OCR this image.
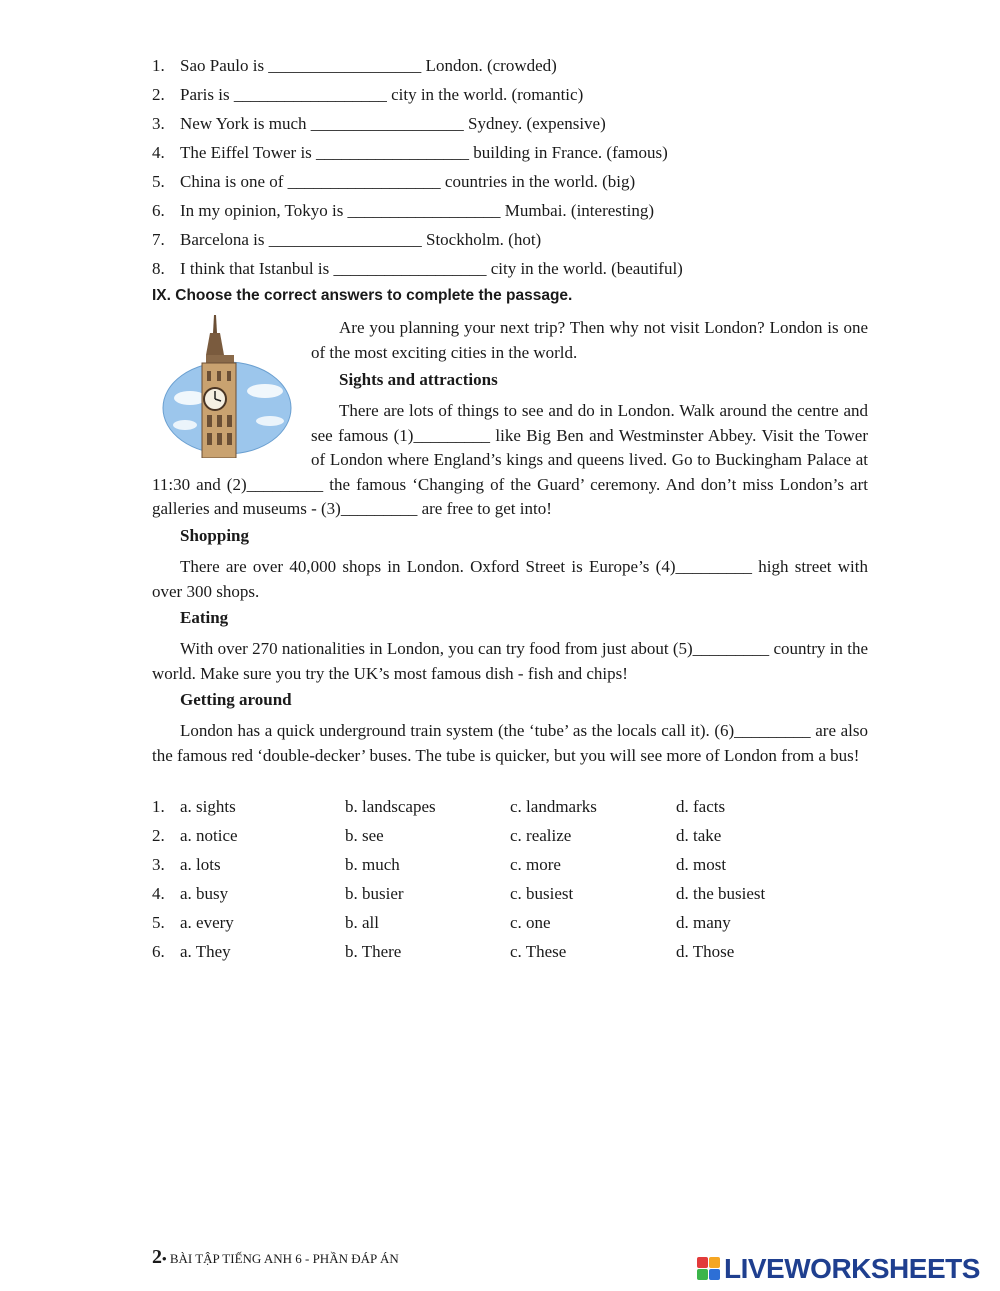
1. Sao Paulo is __________________ London. (crowded)
2. Paris is __________________ city in the world. (romantic)
3. New York is much __________________ Sydney. (expensive)
4. The Eiffel Tower is __________________ building in France. (famous)
5. China is one of __________________ countries in the world. (big)
6. In my opinion, Tokyo is __________________ Mumbai. (interesting)
7. Barcelona is __________________ Stockholm. (hot)
8. I think that Istanbul is __________________ city in the world. (beautiful)
IX. Choose the correct answers to complete the passage.
Are you planning your next trip? Then why not visit London? London is one of the most exciting cities in the world.
Sights and attractions

There are lots of things to see and do in London. Walk around the centre and see famous (1)_________ like Big Ben and Westminster Abbey. Visit the Tower of London where England’s kings and queens lived. Go to Buckingham Palace at 11:30 and (2)_________ the famous ‘Changing of the Guard’ ceremony. And don’t miss London’s art galleries and museums - (3)_________ are free to get into!

Shopping
There are over 40,000 shops in London. Oxford Street is Europe’s (4)_________ high street with over 300 shops.
Eating
With over 270 nationalities in London, you can try food from just about (5)_________ country in the world. Make sure you try the UK’s most famous dish - fish and chips!
Getting around
London has a quick underground train system (the ‘tube’ as the locals call it). (6)_________ are also the famous red ‘double-decker’ buses. The tube is quicker, but you will see more of London from a bus!
1. a. sights	b. landscapes	c. landmarks	d. facts
2. a. notice	b. see	c. realize	d. take
3. a. lots	b. much	c. more	d. most
4. a. busy	b. busier	c. busiest	d. the busiest
5. a. every	b. all	c. one	d. many
6. a. They	b. There	c. These	d. Those
2• BÀI TẬP TIẾNG ANH 6 - PHẦN ĐÁP ÁN	LIVEWORKSHEETS
